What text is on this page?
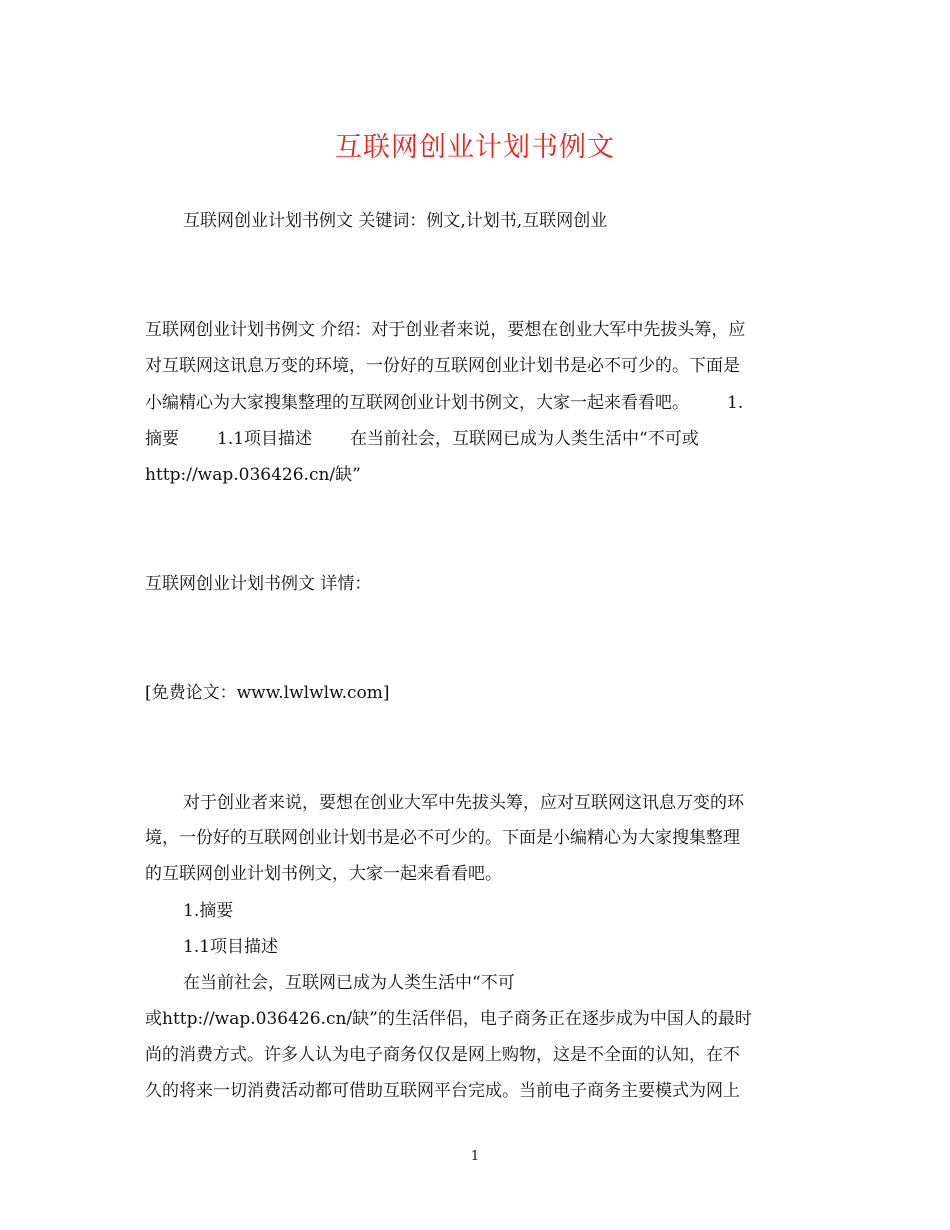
互联网创业计划书例文
互联网创业计划书例文 关键词：例文,计划书,互联网创业
互联网创业计划书例文 介绍：对于创业者来说，要想在创业大军中先拔头筹，应
对互联网这讯息万变的环境，一份好的互联网创业计划书是必不可少的。下面是
小编精心为大家搜集整理的互联网创业计划书例文，大家一起来看看吧。 1.
摘要 1.1项目描述 在当前社会，互联网已成为人类生活中“不可或
http://wap.036426.cn/缺”
互联网创业计划书例文 详情：
[免费论文：www.lwlwlw.com]
对于创业者来说，要想在创业大军中先拔头筹，应对互联网这讯息万变的环
境，一份好的互联网创业计划书是必不可少的。下面是小编精心为大家搜集整理
的互联网创业计划书例文，大家一起来看看吧。
1.摘要
1.1项目描述
在当前社会，互联网已成为人类生活中“不可
或http://wap.036426.cn/缺”的生活伴侣，电子商务正在逐步成为中国人的最时
尚的消费方式。许多人认为电子商务仅仅是网上购物，这是不全面的认知，在不
久的将来一切消费活动都可借助互联网平台完成。当前电子商务主要模式为网上
1
